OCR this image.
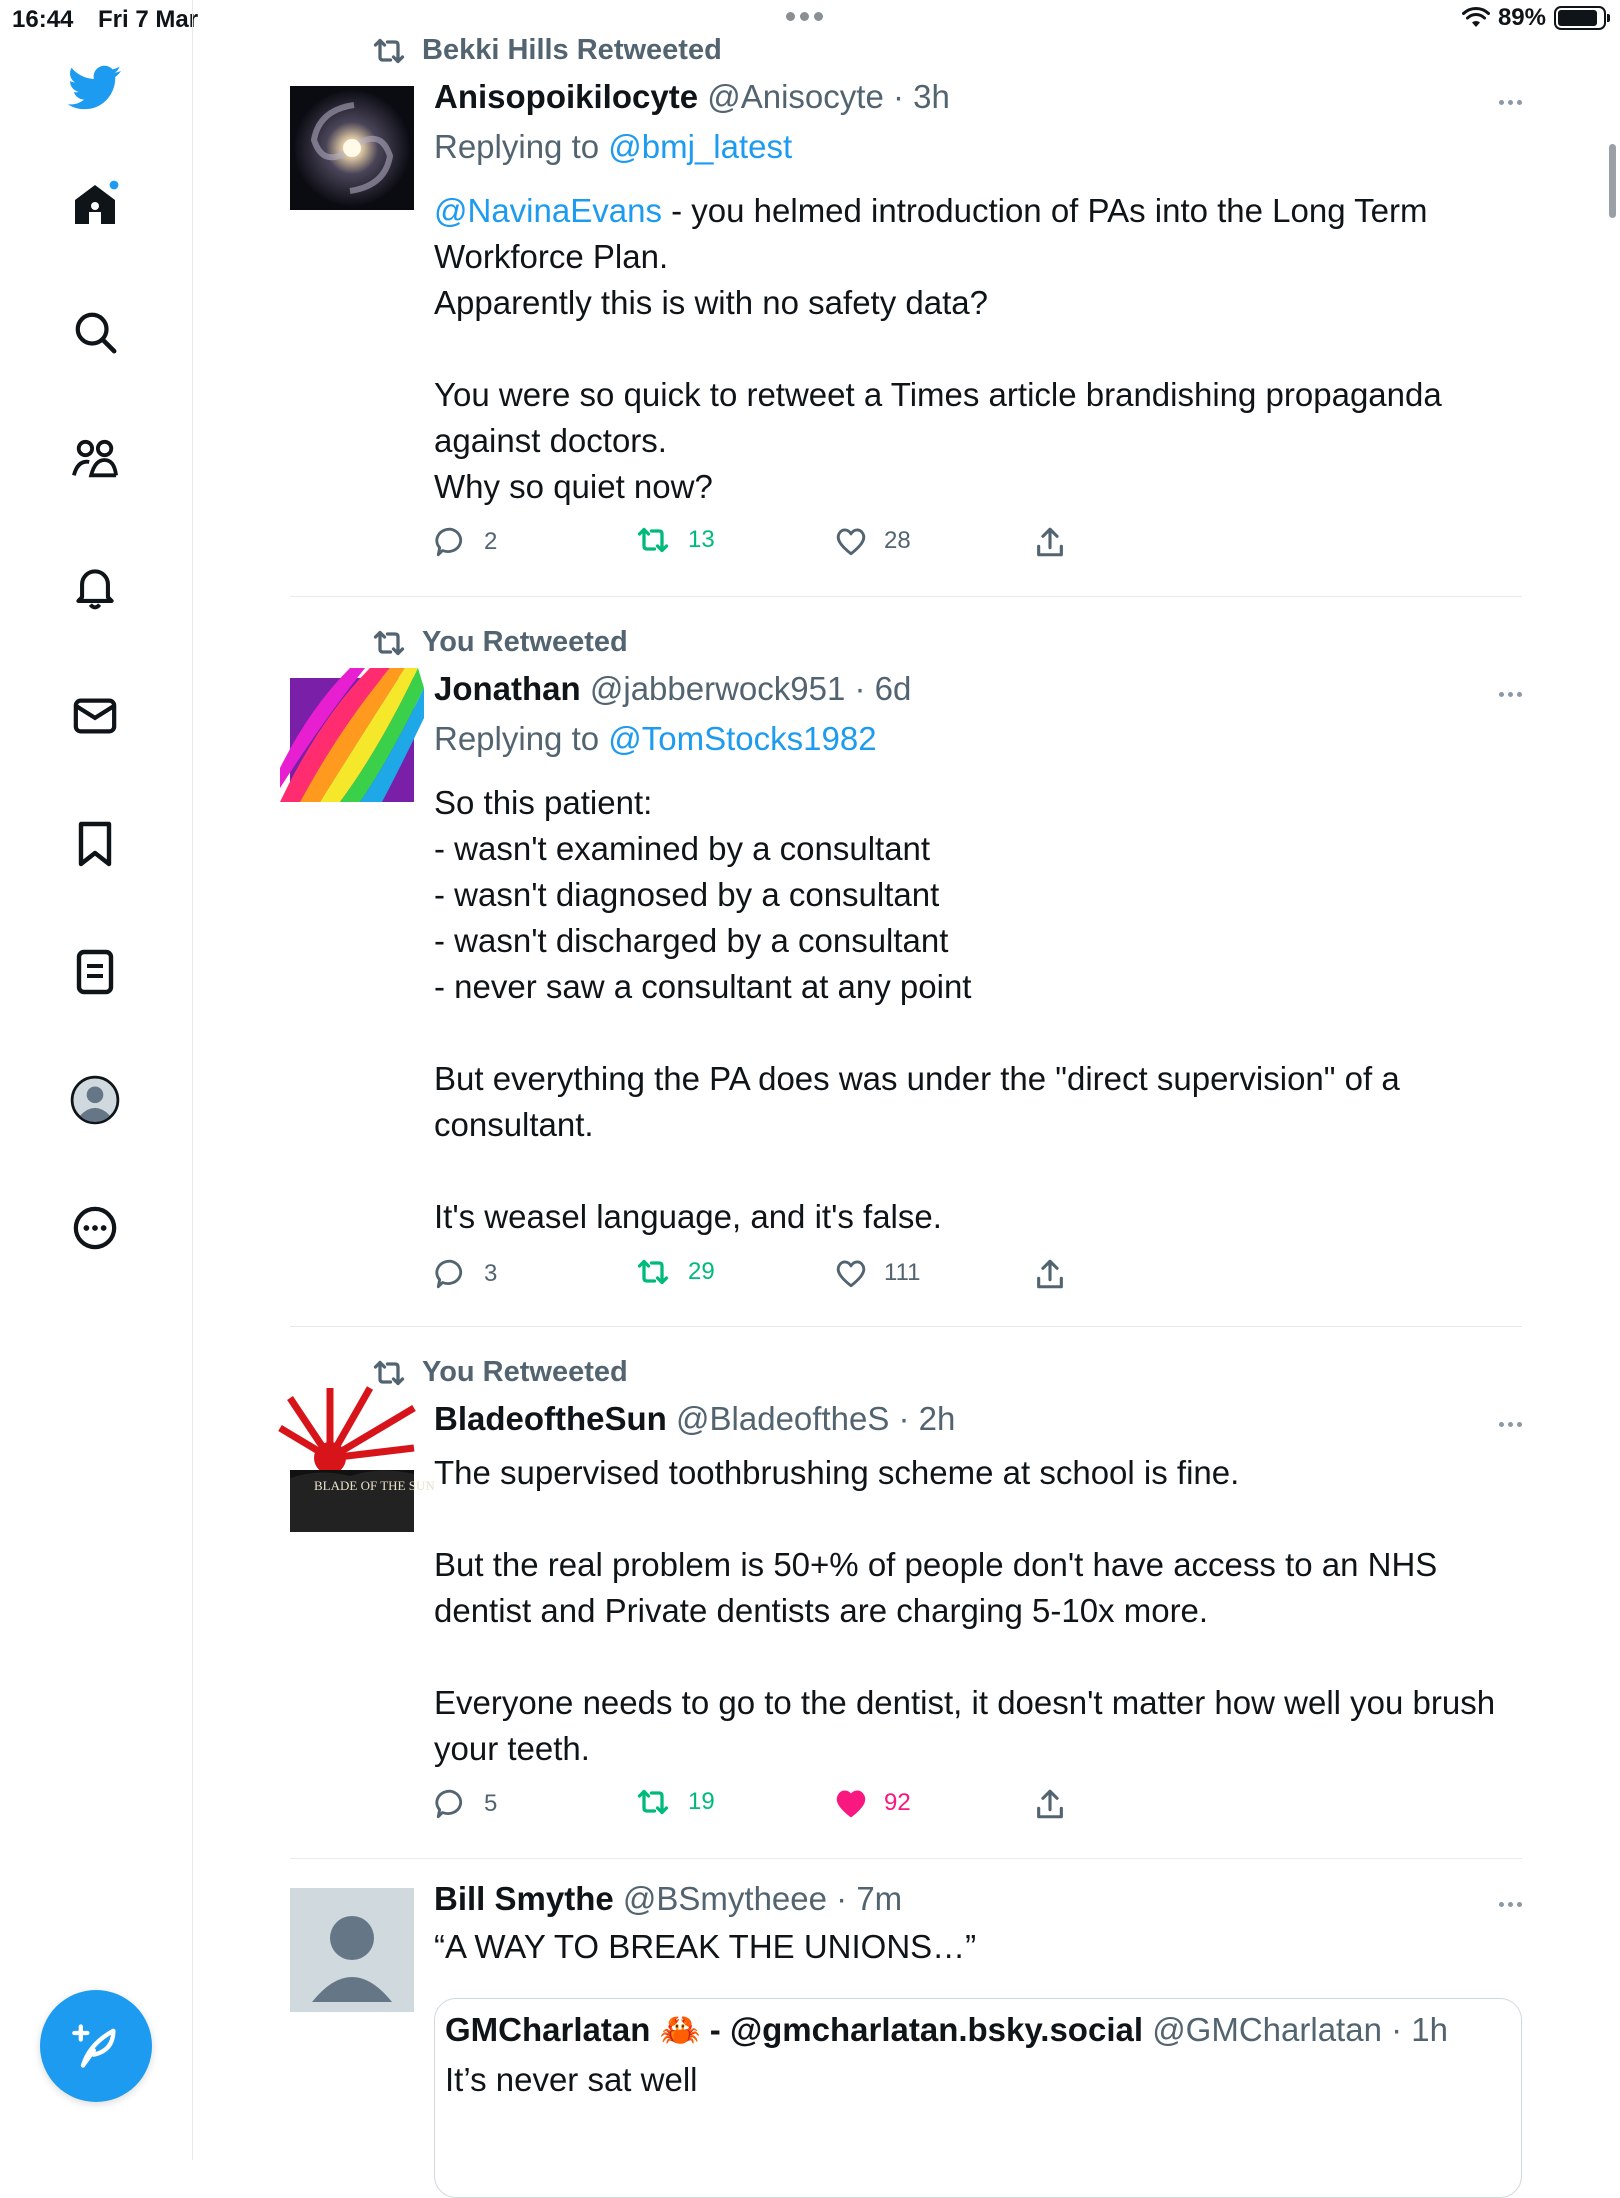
16:44 Fri 7 Mar	89%
Bekki Hills Retweeted
Anisopoikilocyte @Anisocyte · 3h
Replying to @bmj_latest

@NavinaEvans - you helmed introduction of PAs into the Long Term Workforce Plan.
Apparently this is with no safety data?

You were so quick to retweet a Times article brandishing propaganda against doctors.
Why so quiet now?

2	13	28
You Retweeted
Jonathan @jabberwock951 · 6d
Replying to @TomStocks1982

So this patient:
- wasn't examined by a consultant
- wasn't diagnosed by a consultant
- wasn't discharged by a consultant
- never saw a consultant at any point

But everything the PA does was under the "direct supervision" of a consultant.

It's weasel language, and it's false.

3	29	111
You Retweeted
BLADE OF THE SUN
BladeoftheSun @BladeoftheS · 2h

The supervised toothbrushing scheme at school is fine.

But the real problem is 50+% of people don't have access to an NHS dentist and Private dentists are charging 5-10x more.

Everyone needs to go to the dentist, it doesn't matter how well you brush your teeth.

5	19	92
Bill Smythe @BSmytheee · 7m

“A WAY TO BREAK THE UNIONS…”

GMCharlatan 🦀 - @gmcharlatan.bsky.social @GMCharlatan · 1h
It’s never sat well
